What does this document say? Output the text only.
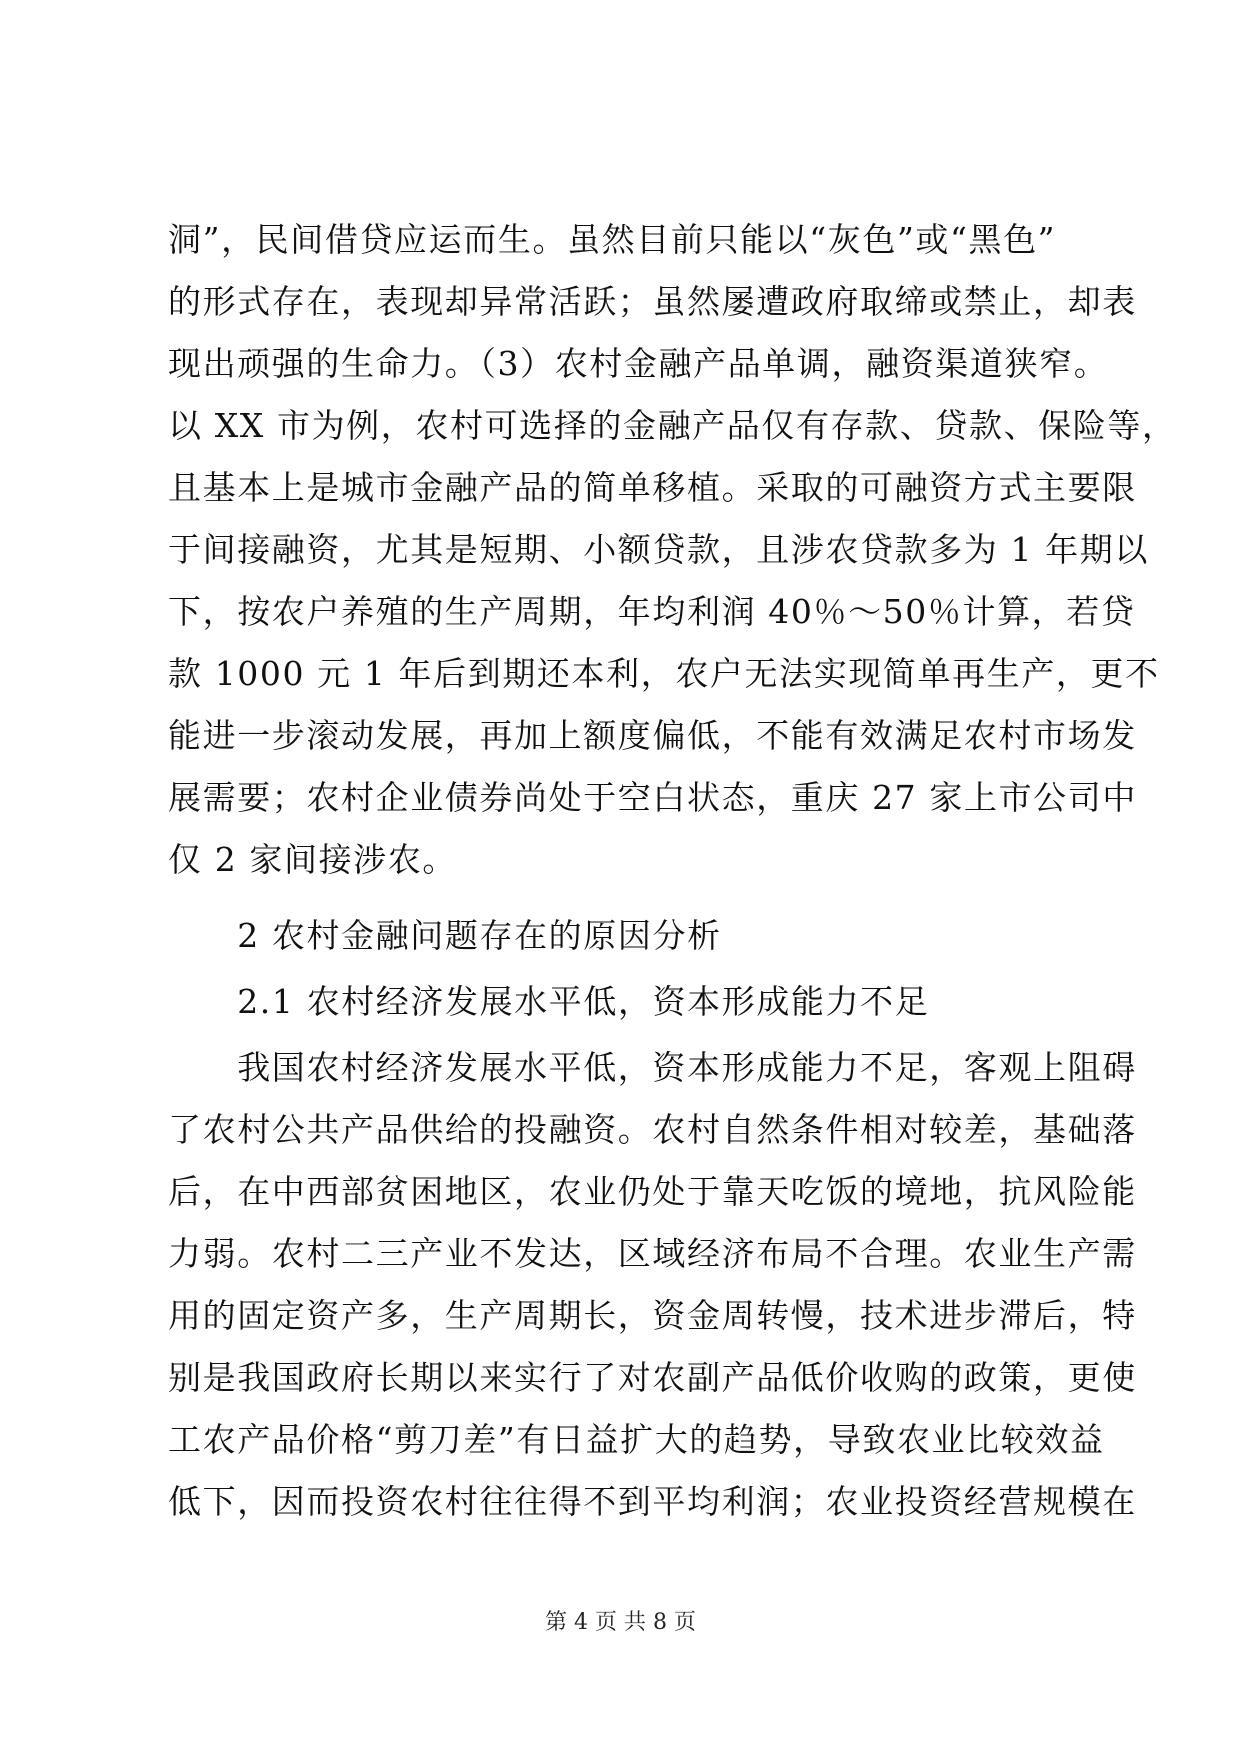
洞”，民间借贷应运而生。虽然目前只能以“灰色”或“黑色”
的形式存在，表现却异常活跃；虽然屡遭政府取缔或禁止，却表
现出顽强的生命力。（3）农村金融产品单调，融资渠道狭窄。
以 XX 市为例，农村可选择的金融产品仅有存款、贷款、保险等，
且基本上是城市金融产品的简单移植。采取的可融资方式主要限
于间接融资，尤其是短期、小额贷款，且涉农贷款多为 1 年期以
下，按农户养殖的生产周期，年均利润 40％～50％计算，若贷
款 1000 元 1 年后到期还本利，农户无法实现简单再生产，更不
能进一步滚动发展，再加上额度偏低，不能有效满足农村市场发
展需要；农村企业债券尚处于空白状态，重庆 27 家上市公司中
仅 2 家间接涉农。
　　2 农村金融问题存在的原因分析
　　2.1 农村经济发展水平低，资本形成能力不足
　　我国农村经济发展水平低，资本形成能力不足，客观上阻碍
了农村公共产品供给的投融资。农村自然条件相对较差，基础落
后，在中西部贫困地区，农业仍处于靠天吃饭的境地，抗风险能
力弱。农村二三产业不发达，区域经济布局不合理。农业生产需
用的固定资产多，生产周期长，资金周转慢，技术进步滞后，特
别是我国政府长期以来实行了对农副产品低价收购的政策，更使
工农产品价格“剪刀差”有日益扩大的趋势，导致农业比较效益
低下，因而投资农村往往得不到平均利润；农业投资经营规模在
第 4 页 共 8 页
